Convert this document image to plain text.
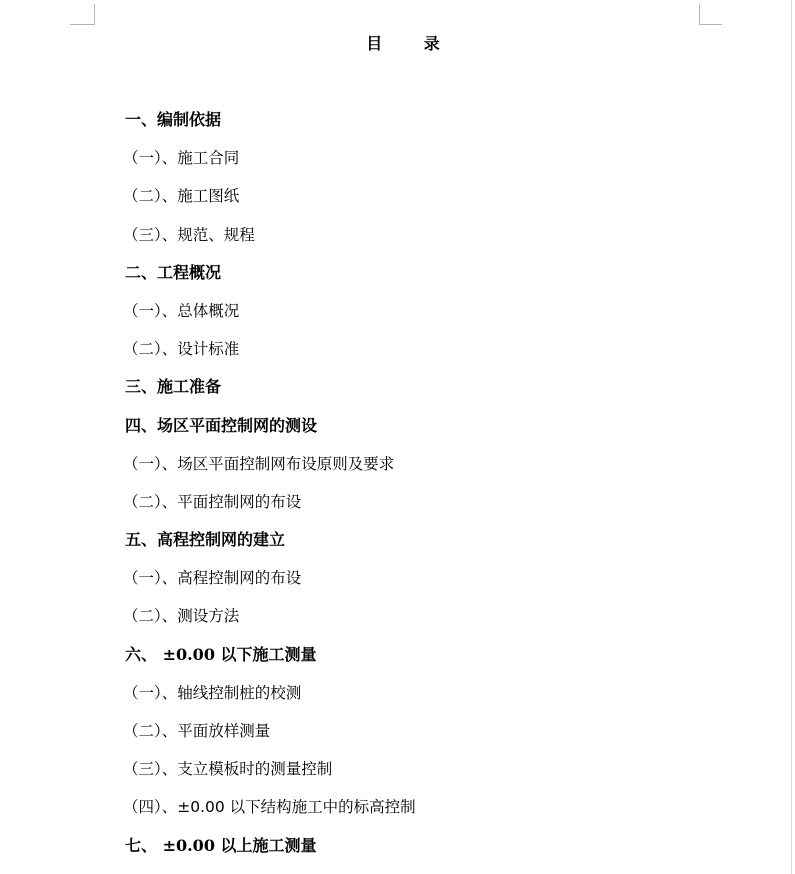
目 录
一、编制依据
（一）、施工合同
（二）、施工图纸
（三）、规范、规程
二、工程概况
（一）、总体概况
（二）、设计标准
三、施工准备
四、场区平面控制网的测设
（一）、场区平面控制网布设原则及要求
（二）、平面控制网的布设
五、高程控制网的建立
（一）、高程控制网的布设
（二）、测设方法
六、 ±0.00 以下施工测量
（一）、轴线控制桩的校测
（二）、平面放样测量
（三）、支立模板时的测量控制
（四）、±0.00 以下结构施工中的标高控制
七、 ±0.00 以上施工测量
